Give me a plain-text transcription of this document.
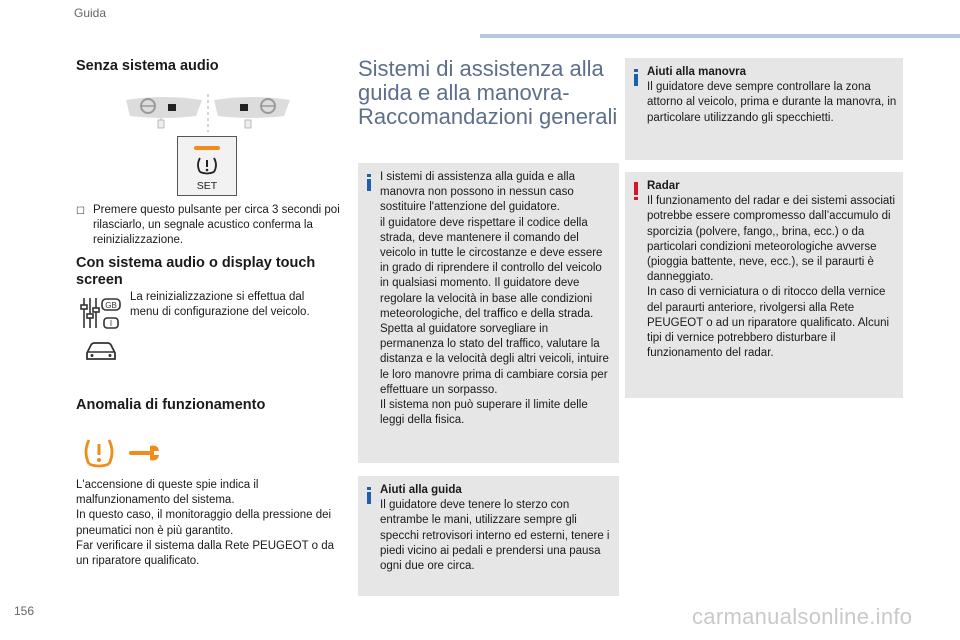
Guida
Senza sistema audio
SET
☐ Premere questo pulsante per circa 3 secondi poi rilasciarlo, un segnale acustico conferma la reinizializzazione.
Con sistema audio o display touch screen
GB
I
La reinizializzazione si effettua dal menu di configurazione del veicolo.
Anomalia di funzionamento
L'accensione di queste spie indica il malfunzionamento del sistema.
In questo caso, il monitoraggio della pressione dei pneumatici non è più garantito.
Far verificare il sistema dalla Rete PEUGEOT o da un riparatore qualificato.
Sistemi di assistenza alla guida e alla manovra-Raccomandazioni generali
I sistemi di assistenza alla guida e alla manovra non possono in nessun caso sostituire l'attenzione del guidatore.
il guidatore deve rispettare il codice della strada, deve mantenere il comando del veicolo in tutte le circostanze e deve essere in grado di riprendere il controllo del veicolo in qualsiasi momento. Il guidatore deve regolare la velocità in base alle condizioni meteorologiche, del traffico e della strada.
Spetta al guidatore sorvegliare in permanenza lo stato del traffico, valutare la distanza e la velocità degli altri veicoli, intuire le loro manovre prima di cambiare corsia per effettuare un sorpasso.
Il sistema non può superare il limite delle leggi della fisica.
Aiuti alla guida
Il guidatore deve tenere lo sterzo con entrambe le mani, utilizzare sempre gli specchi retrovisori interno ed esterni, tenere i piedi vicino ai pedali e prendersi una pausa ogni due ore circa.
Aiuti alla manovra
Il guidatore deve sempre controllare la zona attorno al veicolo, prima e durante la manovra, in particolare utilizzando gli specchietti.
Radar
Il funzionamento del radar e dei sistemi associati potrebbe essere compromesso dall’accumulo di sporcizia (polvere, fango,, brina, ecc.) o da particolari condizioni meteorologiche avverse (pioggia battente, neve, ecc.), se il paraurti è danneggiato.
In caso di verniciatura o di ritocco della vernice del paraurti anteriore, rivolgersi alla Rete PEUGEOT o ad un riparatore qualificato. Alcuni tipi di vernice potrebbero disturbare il funzionamento del radar.
156	carmanualsonline.info
